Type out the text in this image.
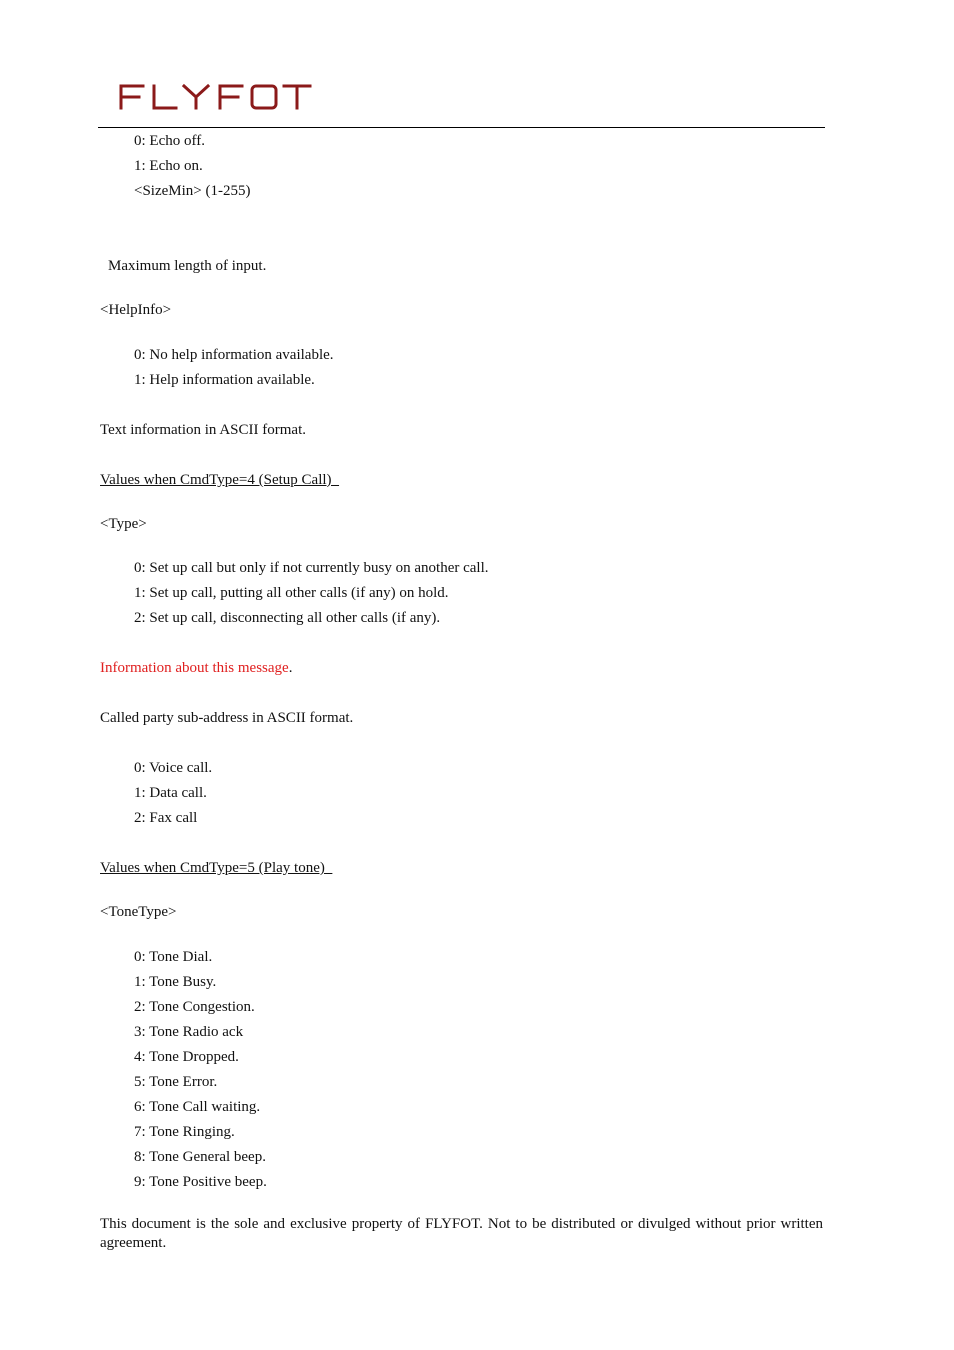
0: Echo off.
1: Echo on.
<SizeMin> (1-255)
Maximum length of input.
<HelpInfo>
0: No help information available.
1: Help information available.
Text information in ASCII format.
Values when CmdType=4 (Setup Call)
<Type>
0: Set up call but only if not currently busy on another call.
1: Set up call, putting all other calls (if any) on hold.
2: Set up call, disconnecting all other calls (if any).
Information about this message.
Called party sub-address in ASCII format.
0: Voice call.
1: Data call.
2: Fax call
Values when CmdType=5 (Play tone)
<ToneType>
0: Tone Dial.
1: Tone Busy.
2: Tone Congestion.
3: Tone Radio ack
4: Tone Dropped.
5: Tone Error.
6: Tone Call waiting.
7: Tone Ringing.
8: Tone General beep.
9: Tone Positive beep.
This document is the sole and exclusive property of FLYFOT. Not to be distributed or divulged without prior written agreement.
